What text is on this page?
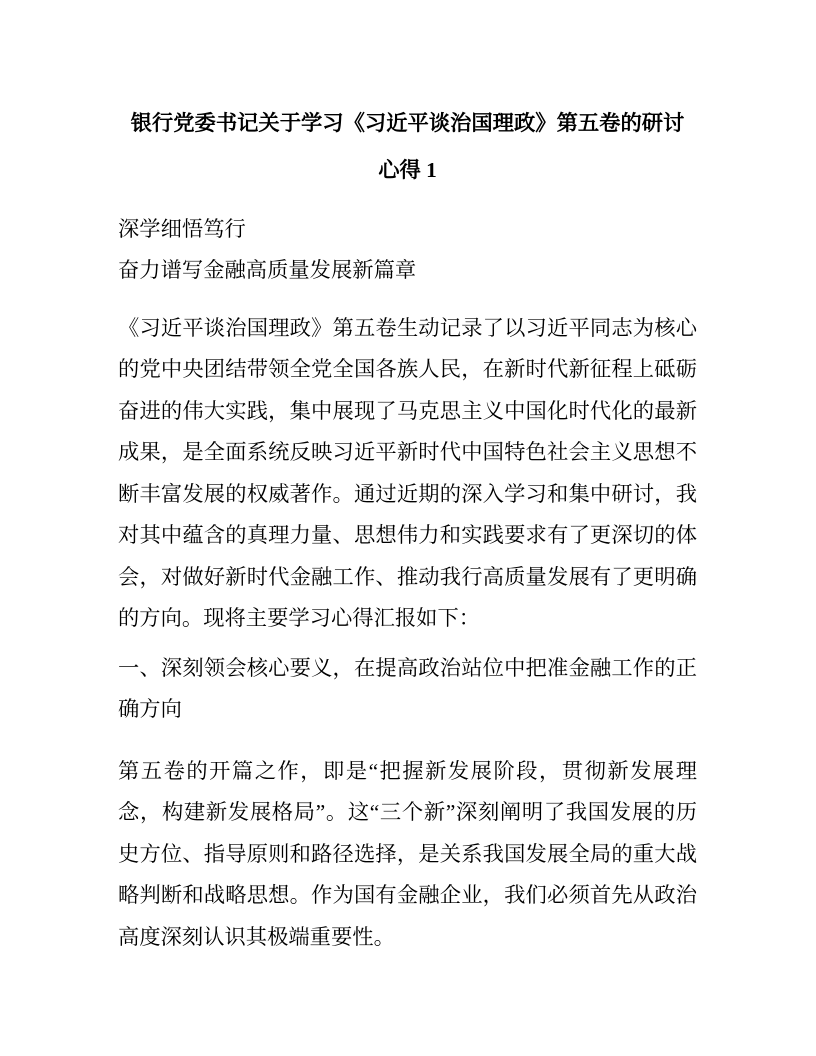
银行党委书记关于学习《习近平谈治国理政》第五卷的研讨
心得 1
深学细悟笃行
奋力谱写金融高质量发展新篇章

《习近平谈治国理政》第五卷生动记录了以习近平同志为核心的党中央团结带领全党全国各族人民，在新时代新征程上砥砺奋进的伟大实践，集中展现了马克思主义中国化时代化的最新成果，是全面系统反映习近平新时代中国特色社会主义思想不断丰富发展的权威著作。通过近期的深入学习和集中研讨，我对其中蕴含的真理力量、思想伟力和实践要求有了更深切的体会，对做好新时代金融工作、推动我行高质量发展有了更明确的方向。现将主要学习心得汇报如下：

一、深刻领会核心要义，在提高政治站位中把准金融工作的正确方向

第五卷的开篇之作，即是“把握新发展阶段，贯彻新发展理念，构建新发展格局”。这“三个新”深刻阐明了我国发展的历史方位、指导原则和路径选择，是关系我国发展全局的重大战略判断和战略思想。作为国有金融企业，我们必须首先从政治高度深刻认识其极端重要性。
